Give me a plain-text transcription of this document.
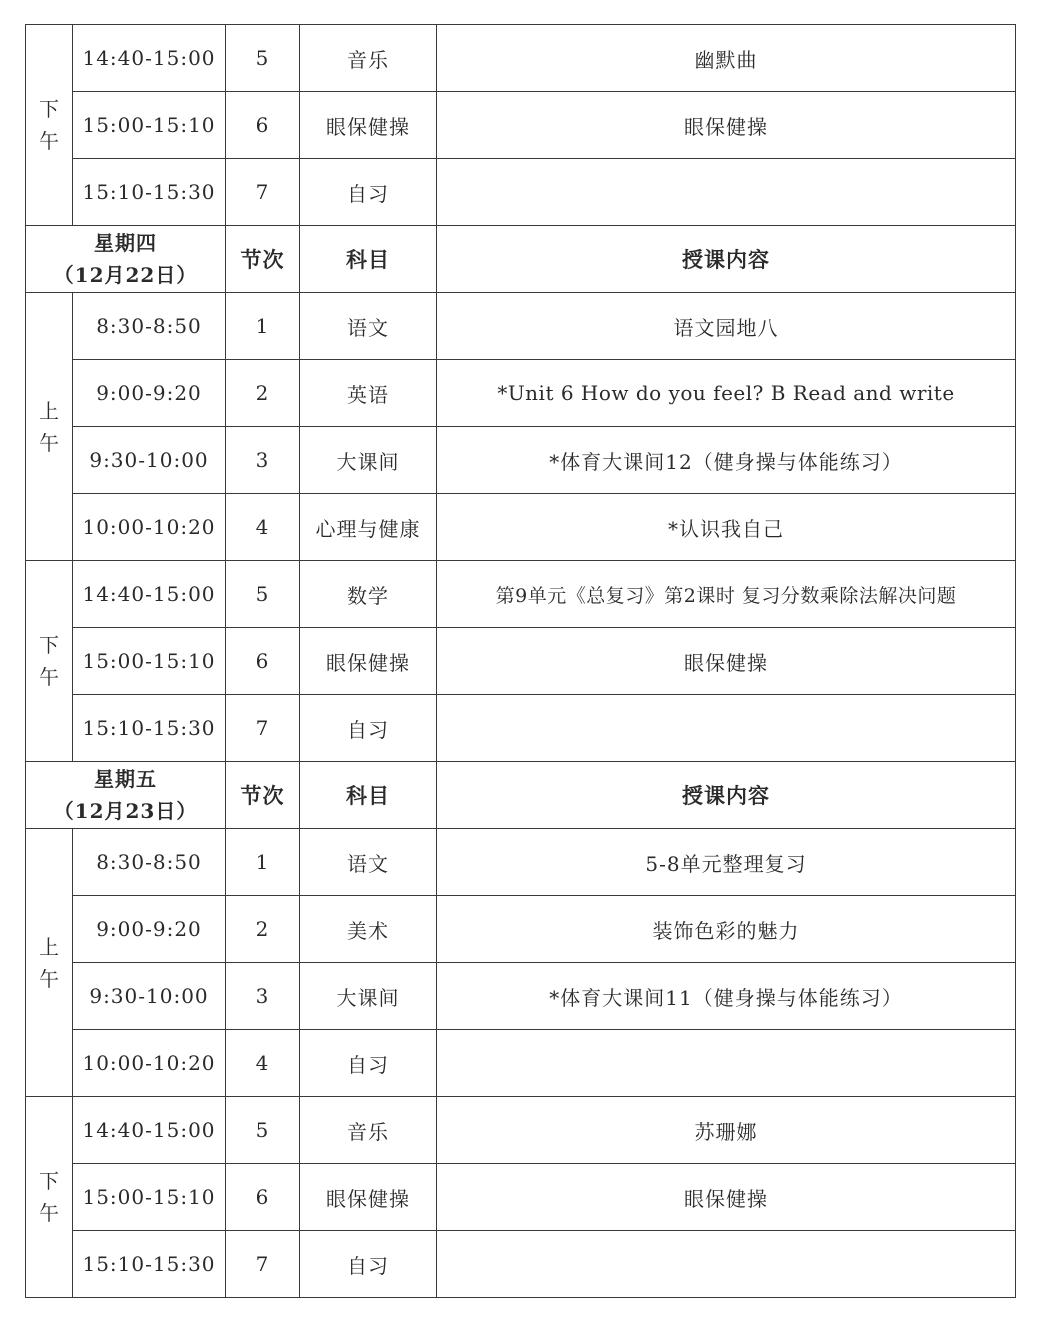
下
午	14:40-15:00	5	音乐	幽默曲
	15:00-15:10	6	眼保健操	眼保健操
	15:10-15:30	7	自习	

星期四
（12月22日）		节次	科目	授课内容

上
午	8:30-8:50	1	语文	语文园地八
	9:00-9:20	2	英语	*Unit 6 How do you feel? B Read and write
	9:30-10:00	3	大课间	*体育大课间12（健身操与体能练习）
	10:00-10:20	4	心理与健康	*认识我自己

下
午	14:40-15:00	5	数学	第9单元《总复习》第2课时 复习分数乘除法解决问题
	15:00-15:10	6	眼保健操	眼保健操
	15:10-15:30	7	自习	

星期五
（12月23日）		节次	科目	授课内容

上
午	8:30-8:50	1	语文	5-8单元整理复习
	9:00-9:20	2	美术	装饰色彩的魅力
	9:30-10:00	3	大课间	*体育大课间11（健身操与体能练习）
	10:00-10:20	4	自习	

下
午	14:40-15:00	5	音乐	苏珊娜
	15:00-15:10	6	眼保健操	眼保健操
	15:10-15:30	7	自习	
